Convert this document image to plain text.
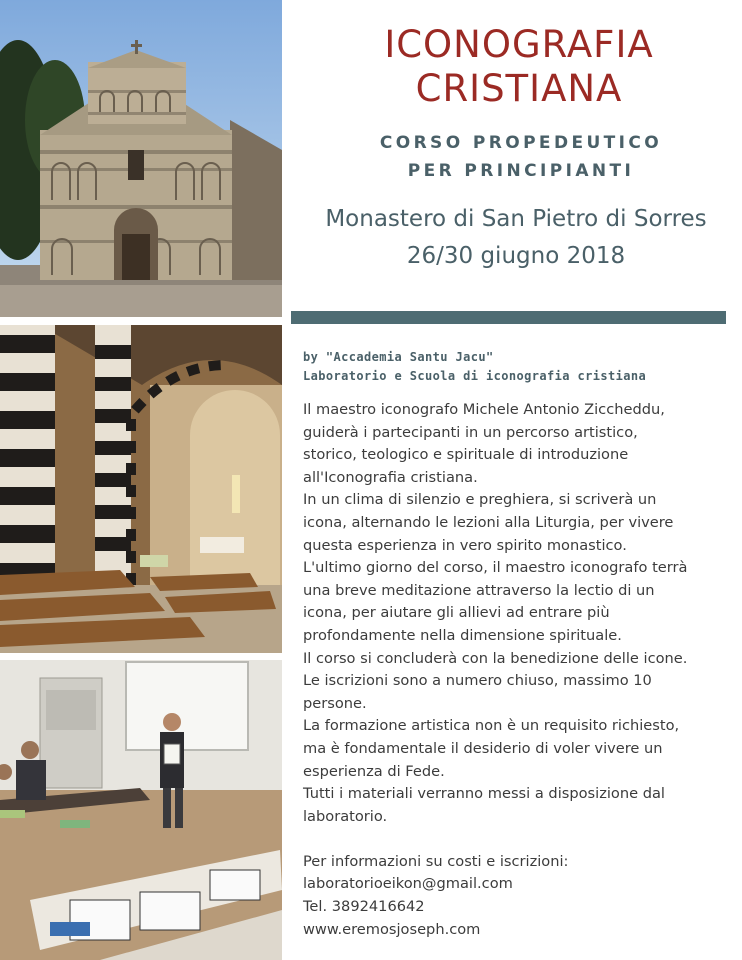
ICONOGRAFIA
CRISTIANA
CORSO PROPEDEUTICO
PER PRINCIPIANTI
Monastero di San Pietro di Sorres
26/30 giugno 2018
by "Accademia Santu Jacu"
Laboratorio e Scuola di iconografia cristiana
Il maestro iconografo Michele Antonio Ziccheddu,
guiderà i partecipanti in un percorso artistico,
storico, teologico e spirituale di introduzione
all'Iconografia cristiana.
In un clima di silenzio e preghiera, si scriverà un
icona, alternando le lezioni alla Liturgia, per vivere
questa esperienza in vero spirito monastico.
L'ultimo giorno del corso, il maestro iconografo terrà
una breve meditazione attraverso la lectio di un
icona, per aiutare gli allievi ad entrare più
profondamente nella dimensione spirituale.
Il corso si concluderà con la benedizione delle icone.
Le iscrizioni sono a numero chiuso, massimo 10
persone.
La formazione artistica non è un requisito richiesto,
ma è fondamentale il desiderio di voler vivere un
esperienza di Fede.
Tutti i materiali verranno messi a disposizione dal
laboratorio.
Per informazioni su costi e iscrizioni:
laboratorioeikon@gmail.com
Tel. 3892416642
www.eremosjoseph.com
